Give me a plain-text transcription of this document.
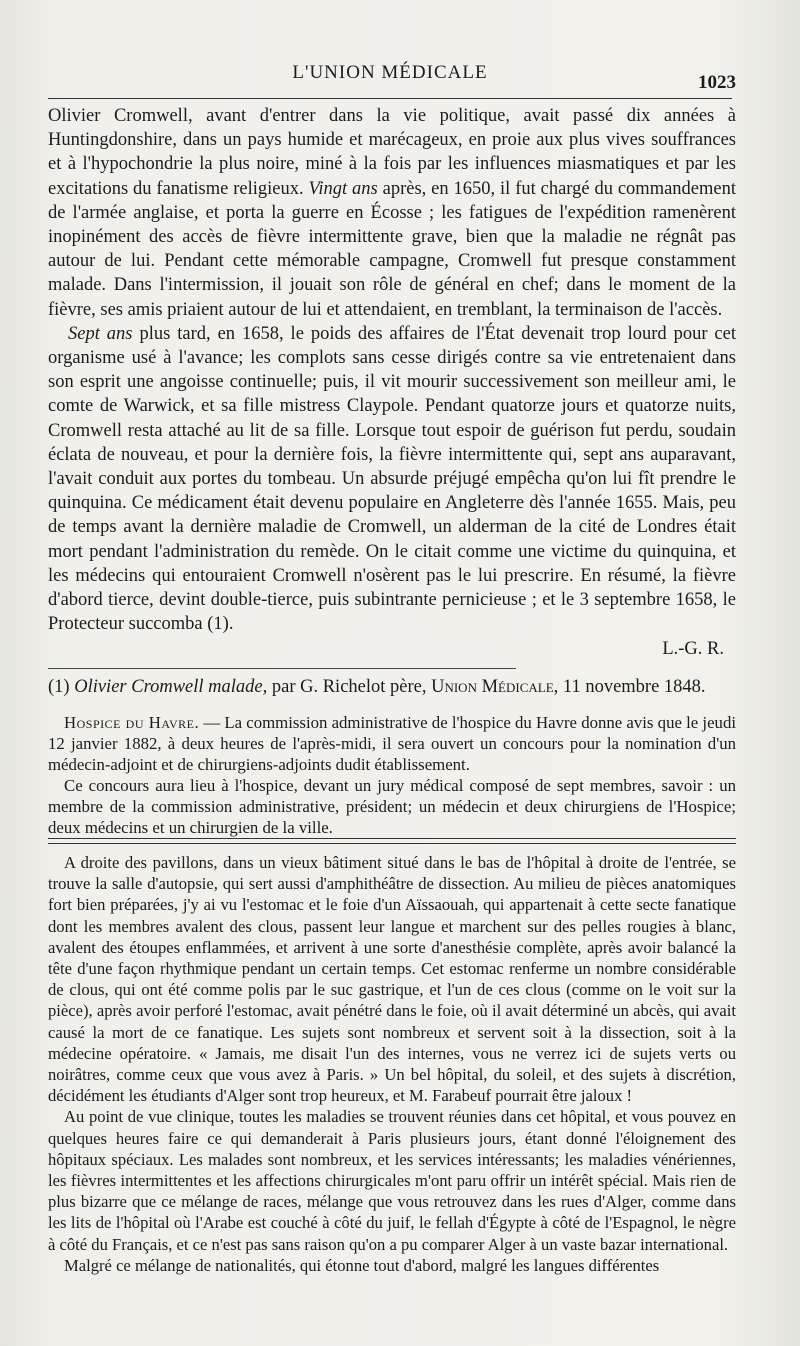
L'UNION MÉDICALE	1023

Olivier Cromwell, avant d'entrer dans la vie politique, avait passé dix années à Huntingdonshire, dans un pays humide et marécageux, en proie aux plus vives souffrances et à l'hypochondrie la plus noire, miné à la fois par les influences miasmatiques et par les excitations du fanatisme religieux. Vingt ans après, en 1650, il fut chargé du commandement de l'armée anglaise, et porta la guerre en Écosse ; les fatigues de l'expédition ramenèrent inopinément des accès de fièvre intermittente grave, bien que la maladie ne régnât pas autour de lui. Pendant cette mémorable campagne, Cromwell fut presque constamment malade. Dans l'intermission, il jouait son rôle de général en chef; dans le moment de la fièvre, ses amis priaient autour de lui et attendaient, en tremblant, la terminaison de l'accès.

Sept ans plus tard, en 1658, le poids des affaires de l'État devenait trop lourd pour cet organisme usé à l'avance; les complots sans cesse dirigés contre sa vie entretenaient dans son esprit une angoisse continuelle; puis, il vit mourir successivement son meilleur ami, le comte de Warwick, et sa fille mistress Claypole. Pendant quatorze jours et quatorze nuits, Cromwell resta attaché au lit de sa fille. Lorsque tout espoir de guérison fut perdu, soudain éclata de nouveau, et pour la dernière fois, la fièvre intermittente qui, sept ans auparavant, l'avait conduit aux portes du tombeau. Un absurde préjugé empêcha qu'on lui fît prendre le quinquina. Ce médicament était devenu populaire en Angleterre dès l'année 1655. Mais, peu de temps avant la dernière maladie de Cromwell, un alderman de la cité de Londres était mort pendant l'administration du remède. On le citait comme une victime du quinquina, et les médecins qui entouraient Cromwell n'osèrent pas le lui prescrire. En résumé, la fièvre d'abord tierce, devint double-tierce, puis subintrante pernicieuse ; et le 3 septembre 1658, le Protecteur succomba (1).

L.-G. R.

(1) Olivier Cromwell malade, par G. Richelot père, Union Médicale, 11 novembre 1848.

Hospice du Havre. — La commission administrative de l'hospice du Havre donne avis que le jeudi 12 janvier 1882, à deux heures de l'après-midi, il sera ouvert un concours pour la nomination d'un médecin-adjoint et de chirurgiens-adjoints dudit établissement.

Ce concours aura lieu à l'hospice, devant un jury médical composé de sept membres, savoir : un membre de la commission administrative, président; un médecin et deux chirurgiens de l'Hospice; deux médecins et un chirurgien de la ville.

A droite des pavillons, dans un vieux bâtiment situé dans le bas de l'hôpital à droite de l'entrée, se trouve la salle d'autopsie, qui sert aussi d'amphithéâtre de dissection. Au milieu de pièces anatomiques fort bien préparées, j'y ai vu l'estomac et le foie d'un Aïssaouah, qui appartenait à cette secte fanatique dont les membres avalent des clous, passent leur langue et marchent sur des pelles rougies à blanc, avalent des étoupes enflammées, et arrivent à une sorte d'anesthésie complète, après avoir balancé la tête d'une façon rhythmique pendant un certain temps. Cet estomac renferme un nombre considérable de clous, qui ont été comme polis par le suc gastrique, et l'un de ces clous (comme on le voit sur la pièce), après avoir perforé l'estomac, avait pénétré dans le foie, où il avait déterminé un abcès, qui avait causé la mort de ce fanatique. Les sujets sont nombreux et servent soit à la dissection, soit à la médecine opératoire. « Jamais, me disait l'un des internes, vous ne verrez ici de sujets verts ou noirâtres, comme ceux que vous avez à Paris. » Un bel hôpital, du soleil, et des sujets à discrétion, décidément les étudiants d'Alger sont trop heureux, et M. Farabeuf pourrait être jaloux !

Au point de vue clinique, toutes les maladies se trouvent réunies dans cet hôpital, et vous pouvez en quelques heures faire ce qui demanderait à Paris plusieurs jours, étant donné l'éloignement des hôpitaux spéciaux. Les malades sont nombreux, et les services intéressants; les maladies vénériennes, les fièvres intermittentes et les affections chirurgicales m'ont paru offrir un intérêt spécial. Mais rien de plus bizarre que ce mélange de races, mélange que vous retrouvez dans les rues d'Alger, comme dans les lits de l'hôpital où l'Arabe est couché à côté du juif, le fellah d'Égypte à côté de l'Espagnol, le nègre à côté du Français, et ce n'est pas sans raison qu'on a pu comparer Alger à un vaste bazar international.

Malgré ce mélange de nationalités, qui étonne tout d'abord, malgré les langues différentes
